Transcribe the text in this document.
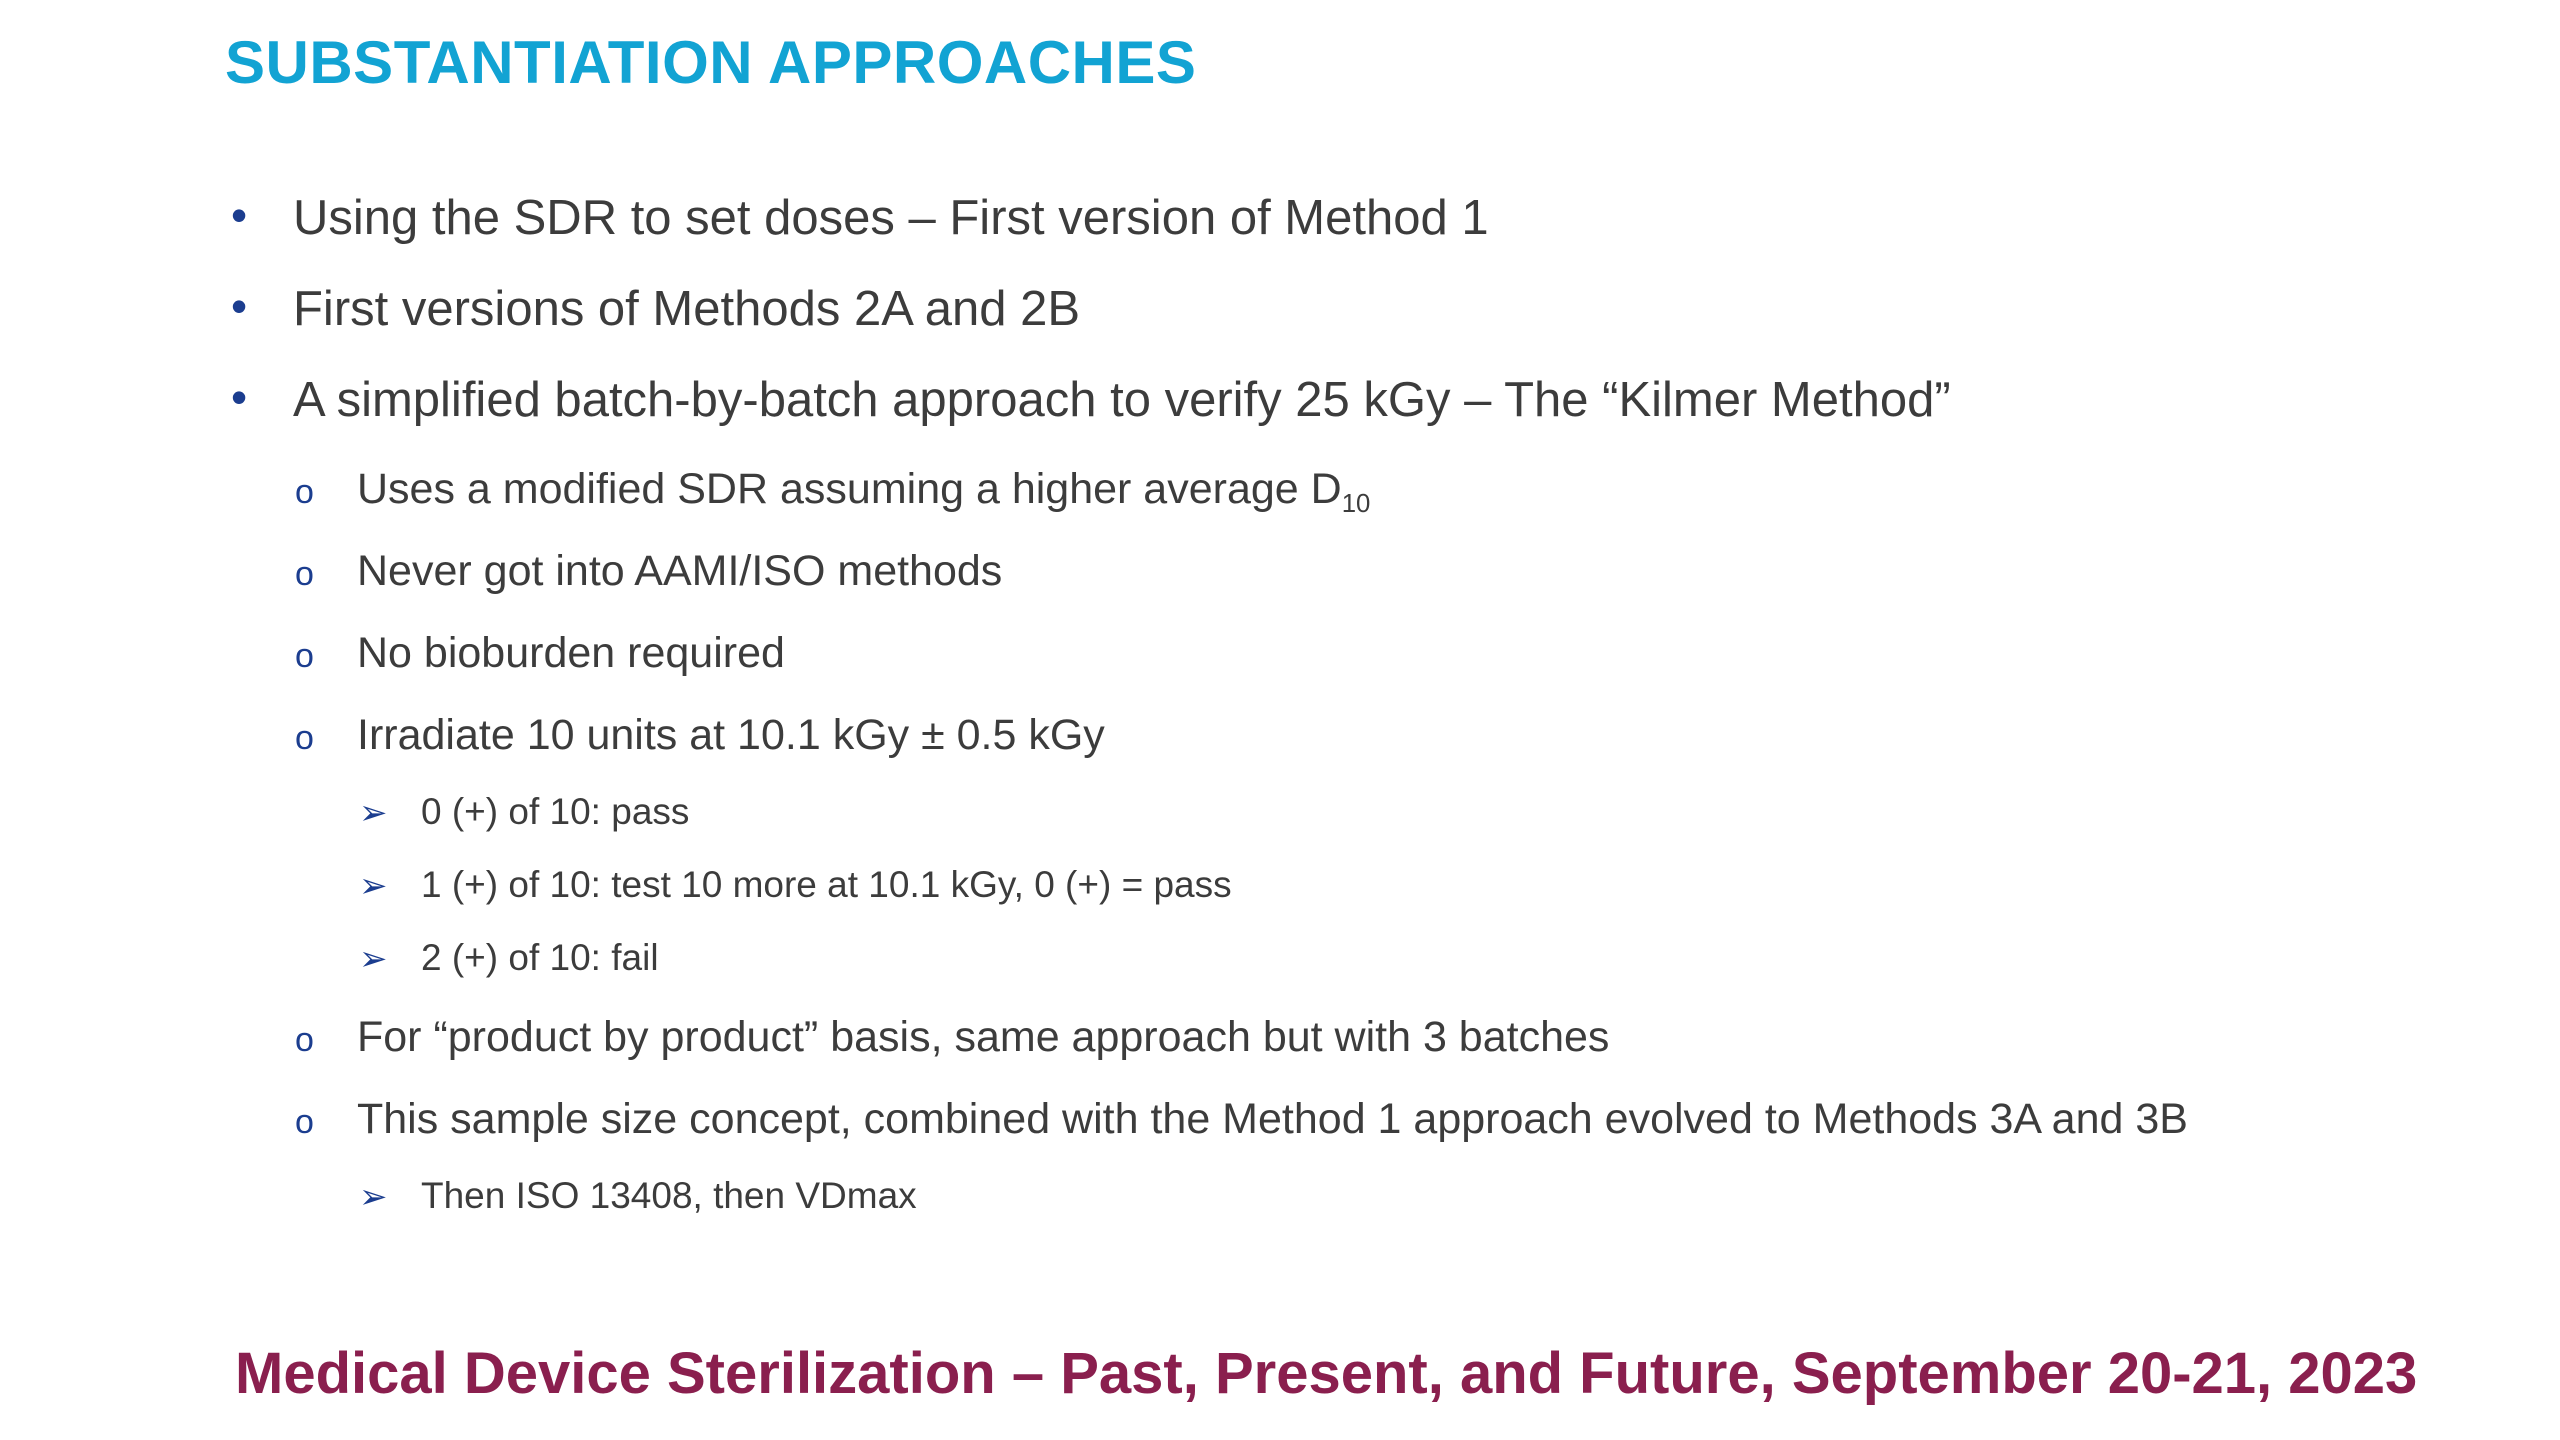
SUBSTANTIATION APPROACHES
• Using the SDR to set doses – First version of Method 1
• First versions of Methods 2A and 2B
• A simplified batch-by-batch approach to verify 25 kGy – The “Kilmer Method”
o Uses a modified SDR assuming a higher average $D_{10}$
o Never got into AAMI/ISO methods
o No bioburden required
o Irradiate 10 units at 10.1 kGy ± 0.5 kGy
➢ 0 (+) of 10: pass
➢ 1 (+) of 10: test 10 more at 10.1 kGy, 0 (+) = pass
➢ 2 (+) of 10: fail
o For “product by product” basis, same approach but with 3 batches
o This sample size concept, combined with the Method 1 approach evolved to Methods 3A and 3B
➢ Then ISO 13408, then VDmax
Medical Device Sterilization – Past, Present, and Future, September 20-21, 2023
